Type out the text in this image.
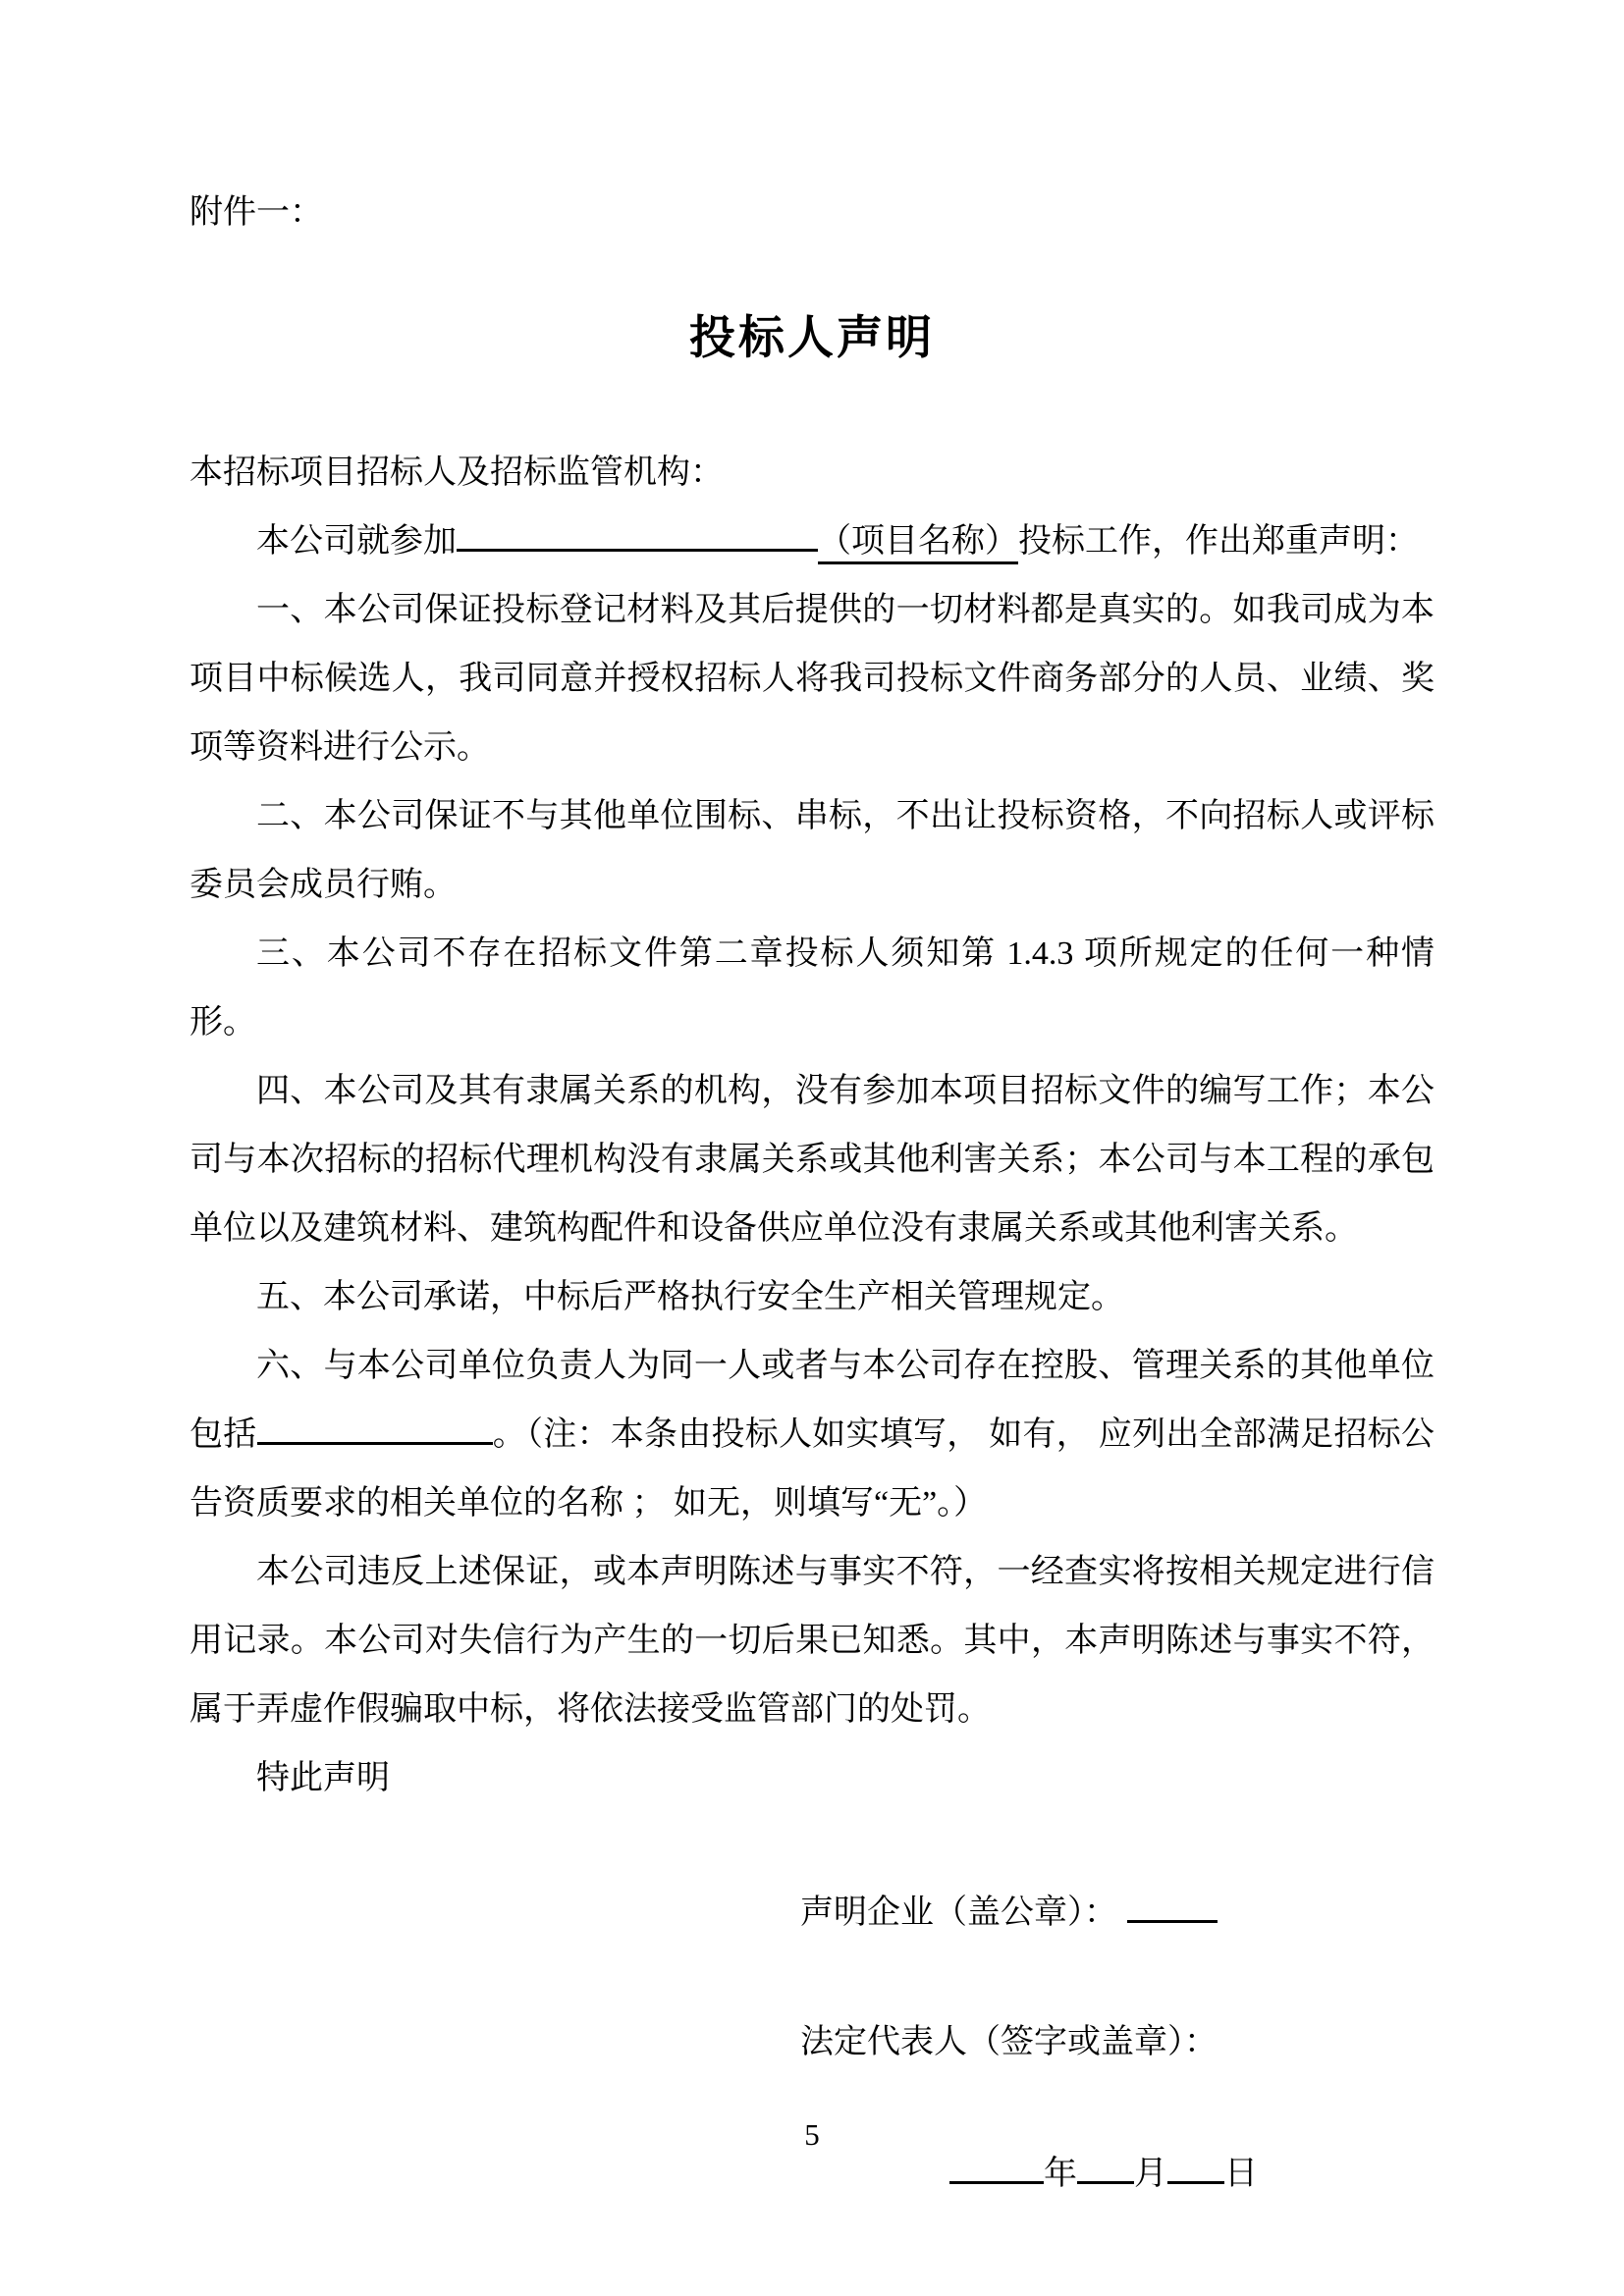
附件一：
投标人声明

本招标项目招标人及招标监管机构：

本公司就参加	（项目名称）投标工作，作出郑重声明：

一、本公司保证投标登记材料及其后提供的一切材料都是真实的。如我司成为本项目中标候选人，我司同意并授权招标人将我司投标文件商务部分的人员、业绩、奖项等资料进行公示。

二、本公司保证不与其他单位围标、串标，不出让投标资格，不向招标人或评标委员会成员行贿。

三、本公司不存在招标文件第二章投标人须知第 1.4.3 项所规定的任何一种情形。

四、本公司及其有隶属关系的机构，没有参加本项目招标文件的编写工作；本公司与本次招标的招标代理机构没有隶属关系或其他利害关系；本公司与本工程的承包单位以及建筑材料、建筑构配件和设备供应单位没有隶属关系或其他利害关系。

五、本公司承诺，中标后严格执行安全生产相关管理规定。

六、与本公司单位负责人为同一人或者与本公司存在控股、管理关系的其他单位包括	。（注：本条由投标人如实填写， 如有， 应列出全部满足招标公告资质要求的相关单位的名称 ； 如无，则填写“无”。）

本公司违反上述保证，或本声明陈述与事实不符，一经查实将按相关规定进行信用记录。本公司对失信行为产生的一切后果已知悉。其中，本声明陈述与事实不符，属于弄虚作假骗取中标，将依法接受监管部门的处罚。

特此声明

声明企业（盖公章）：
法定代表人（签字或盖章）：
年 月 日
5
